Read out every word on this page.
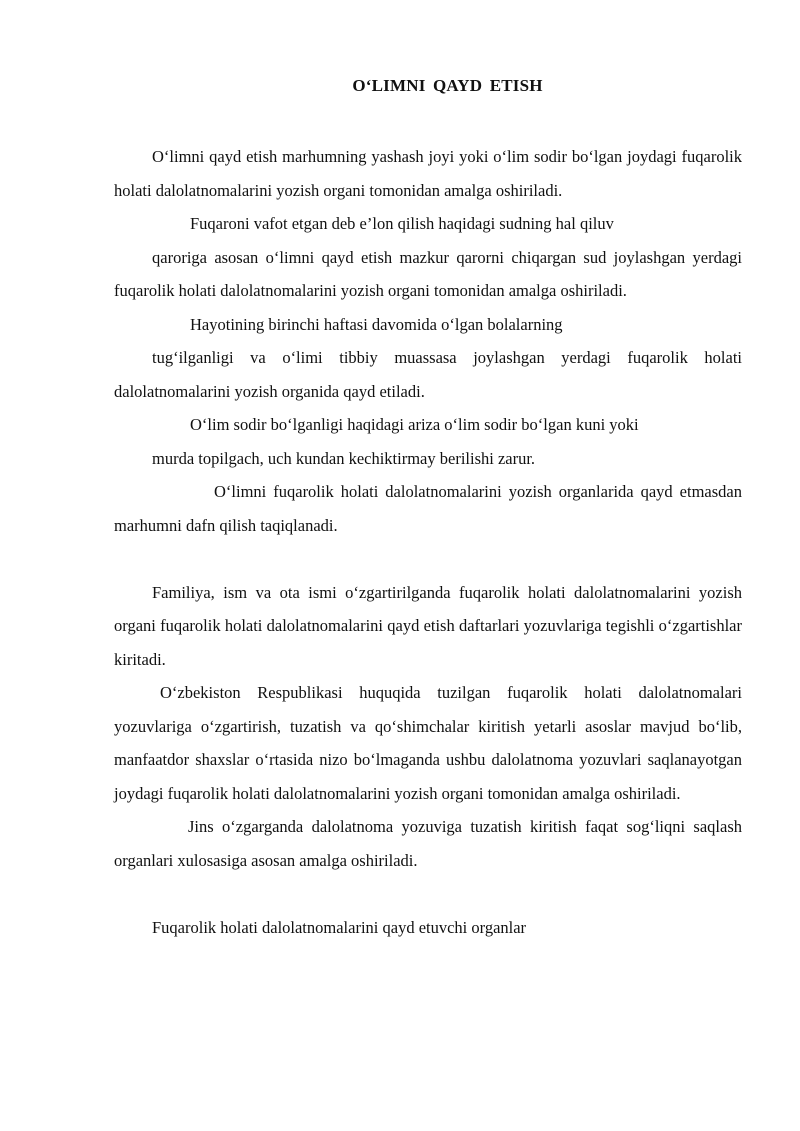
O‘LIMNI QAYD ETISH

O‘limni qayd etish marhumning yashash joyi yoki o‘lim sodir bo‘lgan joydagi fuqarolik holati dalolatnomalarini yozish organi tomonidan amalga oshiriladi.

Fuqaroni vafot etgan deb e’lon qilish haqidagi sudning hal qiluv

qaroriga asosan o‘limni qayd etish mazkur qarorni chiqargan sud joylashgan yerdagi fuqarolik holati dalolatnomalarini yozish organi tomonidan amalga oshiriladi.

Hayotining birinchi haftasi davomida o‘lgan bolalarning

tug‘ilganligi va o‘limi tibbiy muassasa joylashgan yerdagi fuqarolik holati dalolatnomalarini yozish organida qayd etiladi.

O‘lim sodir bo‘lganligi haqidagi ariza o‘lim sodir bo‘lgan kuni yoki

murda topilgach, uch kundan kechiktirmay berilishi zarur.

O‘limni fuqarolik holati dalolatnomalarini yozish organlarida qayd etmasdan marhumni dafn qilish taqiqlanadi.

Familiya, ism va ota ismi o‘zgartirilganda fuqarolik holati dalolatnomalarini yozish organi fuqarolik holati dalolatnomalarini qayd etish daftarlari yozuvlariga tegishli o‘zgartishlar kiritadi.

O‘zbekiston Respublikasi huquqida tuzilgan fuqarolik holati dalolatnomalari yozuvlariga o‘zgartirish, tuzatish va qo‘shimchalar kiritish yetarli asoslar mavjud bo‘lib, manfaatdor shaxslar o‘rtasida nizo bo‘lmaganda ushbu dalolatnoma yozuvlari saqlanayotgan joydagi fuqarolik holati dalolatnomalarini yozish organi tomonidan amalga oshiriladi.

Jins o‘zgarganda dalolatnoma yozuviga tuzatish kiritish faqat sog‘liqni saqlash organlari xulosasiga asosan amalga oshiriladi.

Fuqarolik holati dalolatnomalarini qayd etuvchi organlar
